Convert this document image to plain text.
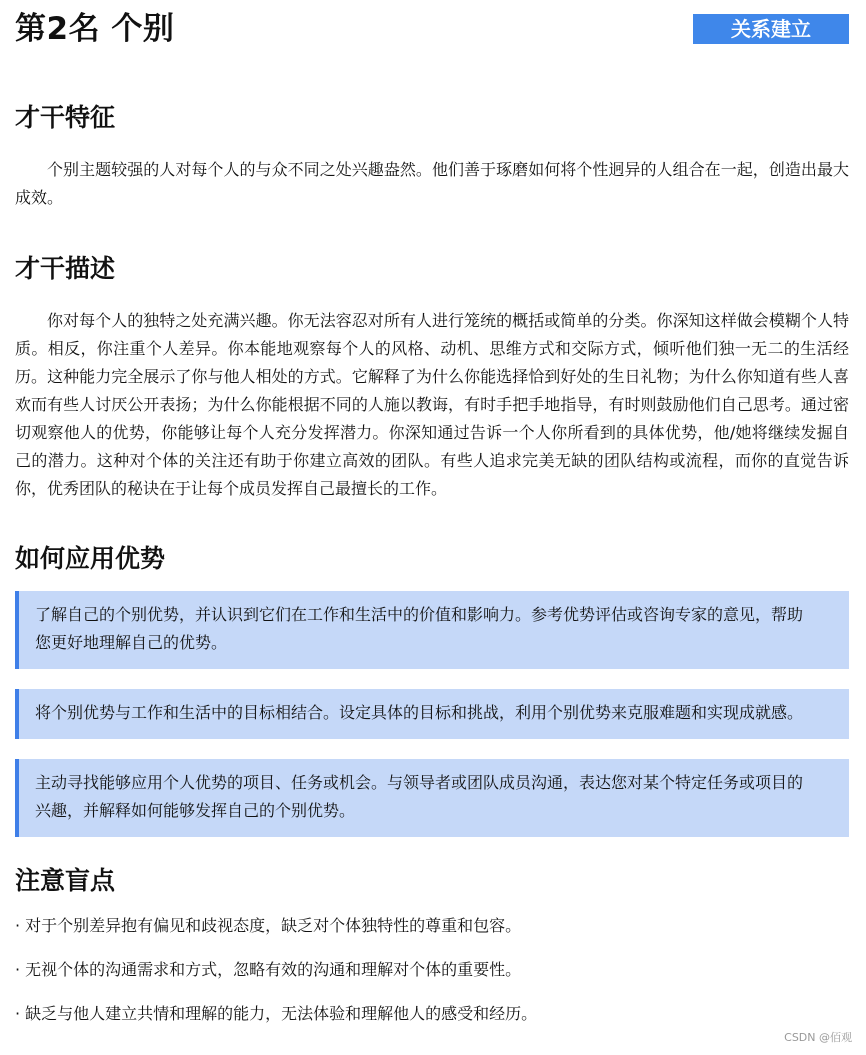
第2名 个别	关系建立
才干特征

个别主题较强的人对每个人的与众不同之处兴趣盎然。他们善于琢磨如何将个性迥异的人组合在一起，创造出最大成效。

才干描述

你对每个人的独特之处充满兴趣。你无法容忍对所有人进行笼统的概括或简单的分类。你深知这样做会模糊个人特质。相反，你注重个人差异。你本能地观察每个人的风格、动机、思维方式和交际方式，倾听他们独一无二的生活经历。这种能力完全展示了你与他人相处的方式。它解释了为什么你能选择恰到好处的生日礼物；为什么你知道有些人喜欢而有些人讨厌公开表扬；为什么你能根据不同的人施以教诲，有时手把手地指导，有时则鼓励他们自己思考。通过密切观察他人的优势，你能够让每个人充分发挥潜力。你深知通过告诉一个人你所看到的具体优势，他/她将继续发掘自己的潜力。这种对个体的关注还有助于你建立高效的团队。有些人追求完美无缺的团队结构或流程，而你的直觉告诉你，优秀团队的秘诀在于让每个成员发挥自己最擅长的工作。

如何应用优势
了解自己的个别优势，并认识到它们在工作和生活中的价值和影响力。参考优势评估或咨询专家的意见，帮助您更好地理解自己的优势。
将个别优势与工作和生活中的目标相结合。设定具体的目标和挑战，利用个别优势来克服难题和实现成就感。
主动寻找能够应用个人优势的项目、任务或机会。与领导者或团队成员沟通，表达您对某个特定任务或项目的兴趣，并解释如何能够发挥自己的个别优势。
注意盲点
· 对于个别差异抱有偏见和歧视态度，缺乏对个体独特性的尊重和包容。
· 无视个体的沟通需求和方式，忽略有效的沟通和理解对个体的重要性。
· 缺乏与他人建立共情和理解的能力，无法体验和理解他人的感受和经历。
CSDN @佰观
